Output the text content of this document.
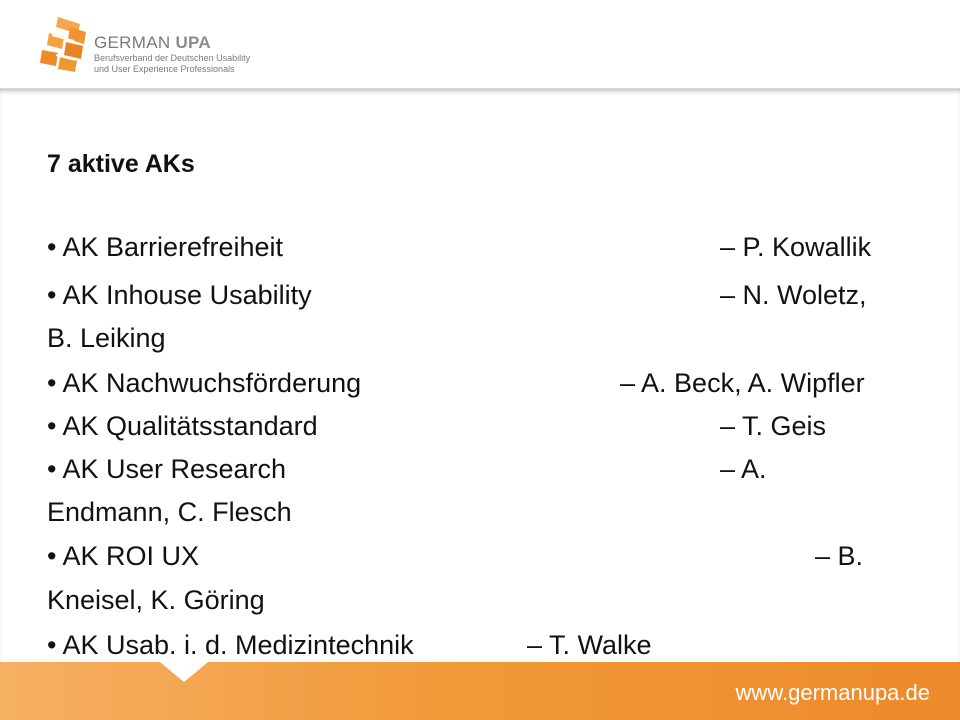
GERMAN UPA
Berufsverband der Deutschen Usability
und User Experience Professionals
7 aktive AKs
• AK Barrierefreiheit	– P. Kowallik
• AK Inhouse Usability	– N. Woletz,
B. Leiking
• AK Nachwuchsförderung	– A. Beck, A. Wipfler
• AK Qualitätsstandard	– T. Geis
• AK User Research	– A.
Endmann, C. Flesch
• AK ROI UX	– B.
Kneisel, K. Göring
• AK Usab. i. d. Medizintechnik	– T. Walke
www.germanupa.de
